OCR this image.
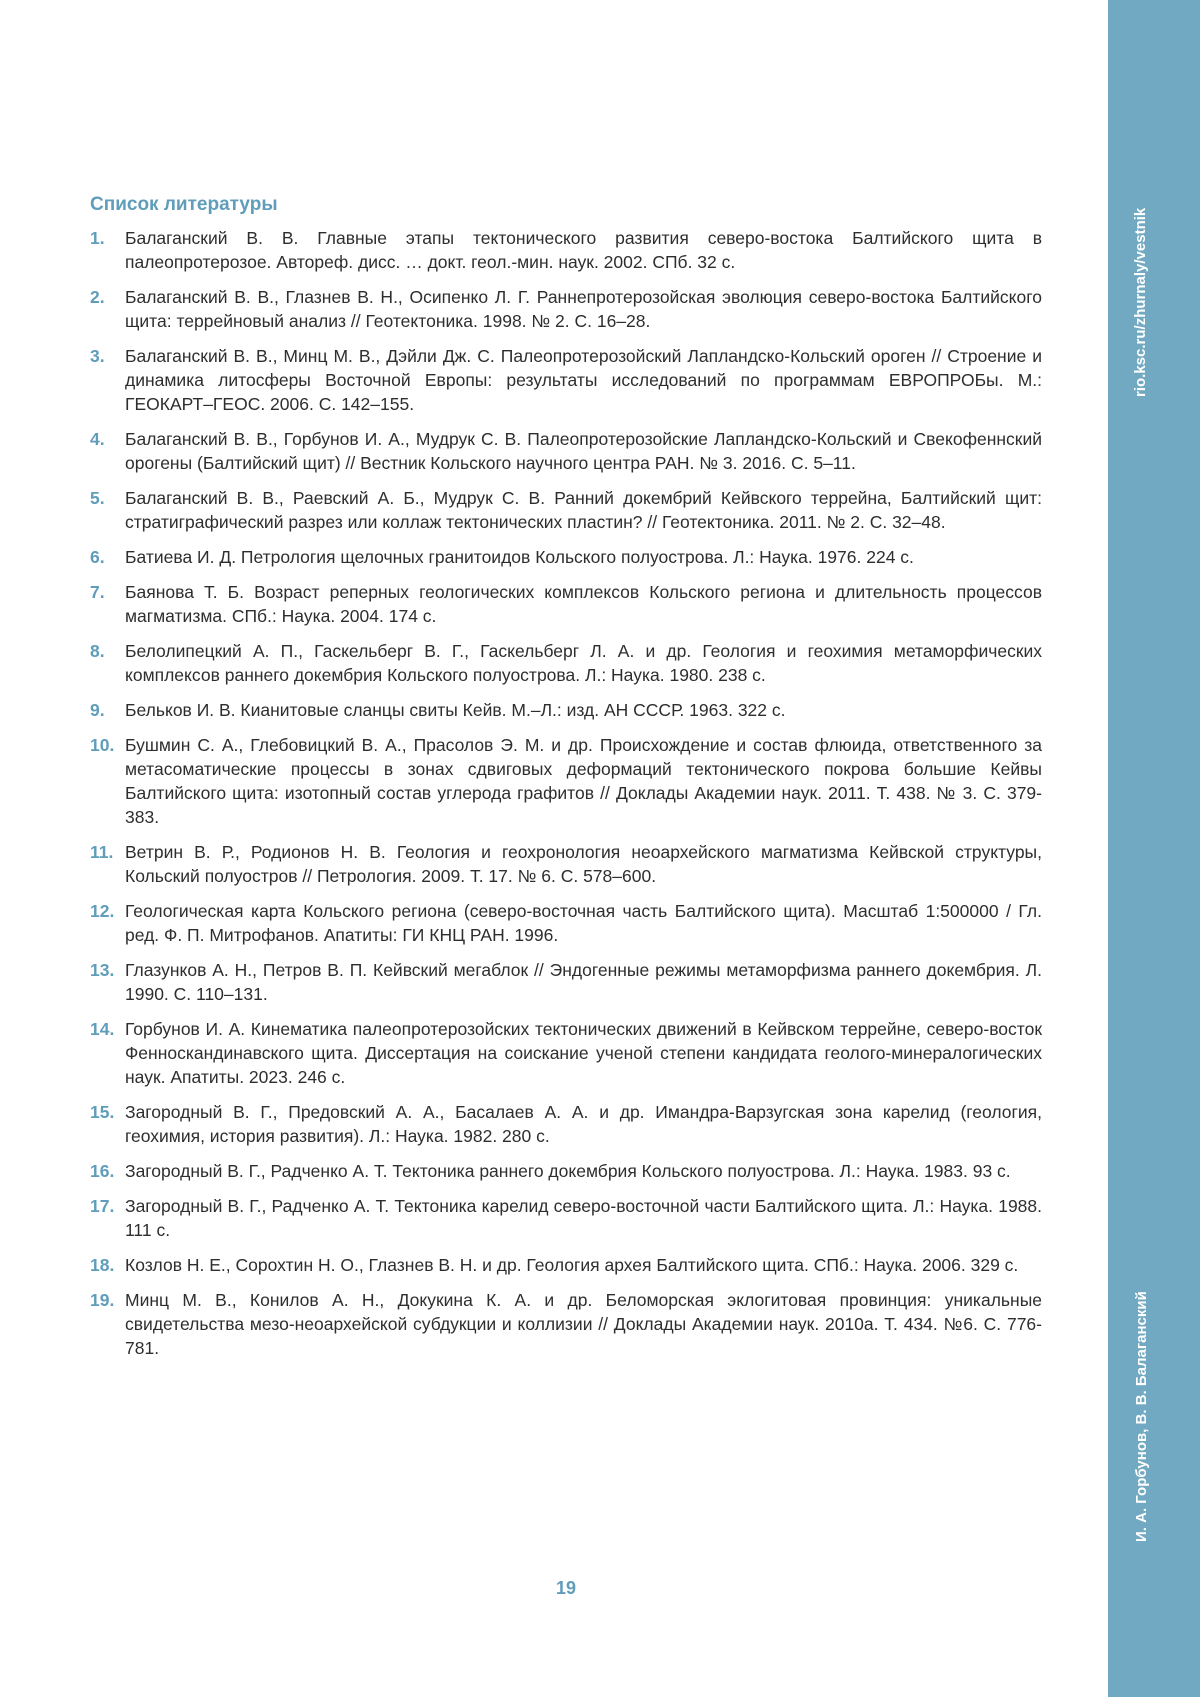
rio.ksc.ru/zhurnaly/vestnik
И. А. Горбунов, В. В. Балаганский
Список литературы
1. Балаганский В. В. Главные этапы тектонического развития северо-востока Балтийского щита в палеопротерозое. Автореф. дисс. … докт. геол.-мин. наук. 2002. СПб. 32 с.
2. Балаганский В. В., Глазнев В. Н., Осипенко Л. Г. Раннепротерозойская эволюция северо-востока Балтийского щита: террейновый анализ // Геотектоника. 1998. № 2. С. 16–28.
3. Балаганский В. В., Минц М. В., Дэйли Дж. С. Палеопротерозойский Лапландско-Кольский ороген // Строение и динамика литосферы Восточной Европы: результаты исследований по программам ЕВРОПРОБы. М.: ГЕОКАРТ–ГЕОС. 2006. С. 142–155.
4. Балаганский В. В., Горбунов И. А., Мудрук С. В. Палеопротерозойские Лапландско-Кольский и Свекофеннский орогены (Балтийский щит) // Вестник Кольского научного центра РАН. № 3. 2016. С. 5–11.
5. Балаганский В. В., Раевский А. Б., Мудрук С. В. Ранний докембрий Кейвского террейна, Балтийский щит: стратиграфический разрез или коллаж тектонических пластин? // Геотектоника. 2011. № 2. С. 32–48.
6. Батиева И. Д. Петрология щелочных гранитоидов Кольского полуострова. Л.: Наука. 1976. 224 с.
7. Баянова Т. Б. Возраст реперных геологических комплексов Кольского региона и длительность процессов магматизма. СПб.: Наука. 2004. 174 с.
8. Белолипецкий А. П., Гаскельберг В. Г., Гаскельберг Л. А. и др. Геология и геохимия метаморфических комплексов раннего докембрия Кольского полуострова. Л.: Наука. 1980. 238 с.
9. Бельков И. В. Кианитовые сланцы свиты Кейв. М.–Л.: изд. АН СССР. 1963. 322 с.
10. Бушмин С. А., Глебовицкий В. А., Прасолов Э. М. и др. Происхождение и состав флюида, ответственного за метасоматические процессы в зонах сдвиговых деформаций тектонического покрова большие Кейвы Балтийского щита: изотопный состав углерода графитов // Доклады Академии наук. 2011. Т. 438. № 3. С. 379-383.
11. Ветрин В. Р., Родионов Н. В. Геология и геохронология неоархейского магматизма Кейвской структуры, Кольский полуостров // Петрология. 2009. Т. 17. № 6. С. 578–600.
12. Геологическая карта Кольского региона (северо-восточная часть Балтийского щита). Масштаб 1:500000 / Гл. ред. Ф. П. Митрофанов. Апатиты: ГИ КНЦ РАН. 1996.
13. Глазунков А. Н., Петров В. П. Кейвский мегаблок // Эндогенные режимы метаморфизма раннего докембрия. Л. 1990. С. 110–131.
14. Горбунов И. А. Кинематика палеопротерозойских тектонических движений в Кейвском террейне, северо-восток Фенноскандинавского щита. Диссертация на соискание ученой степени кандидата геолого-минералогических наук. Апатиты. 2023. 246 с.
15. Загородный В. Г., Предовский А. А., Басалаев А. А. и др. Имандра-Варзугская зона карелид (геология, геохимия, история развития). Л.: Наука. 1982. 280 с.
16. Загородный В. Г., Радченко А. Т. Тектоника раннего докембрия Кольского полуострова. Л.: Наука. 1983. 93 с.
17. Загородный В. Г., Радченко А. Т. Тектоника карелид северо-восточной части Балтийского щита. Л.: Наука. 1988. 111 с.
18. Козлов Н. Е., Сорохтин Н. О., Глазнев В. Н. и др. Геология архея Балтийского щита. СПб.: Наука. 2006. 329 с.
19. Минц М. В., Конилов А. Н., Докукина К. А. и др. Беломорская эклогитовая провинция: уникальные свидетельства мезо-неоархейской субдукции и коллизии // Доклады Академии наук. 2010a. Т. 434. №6. С. 776-781.
19
